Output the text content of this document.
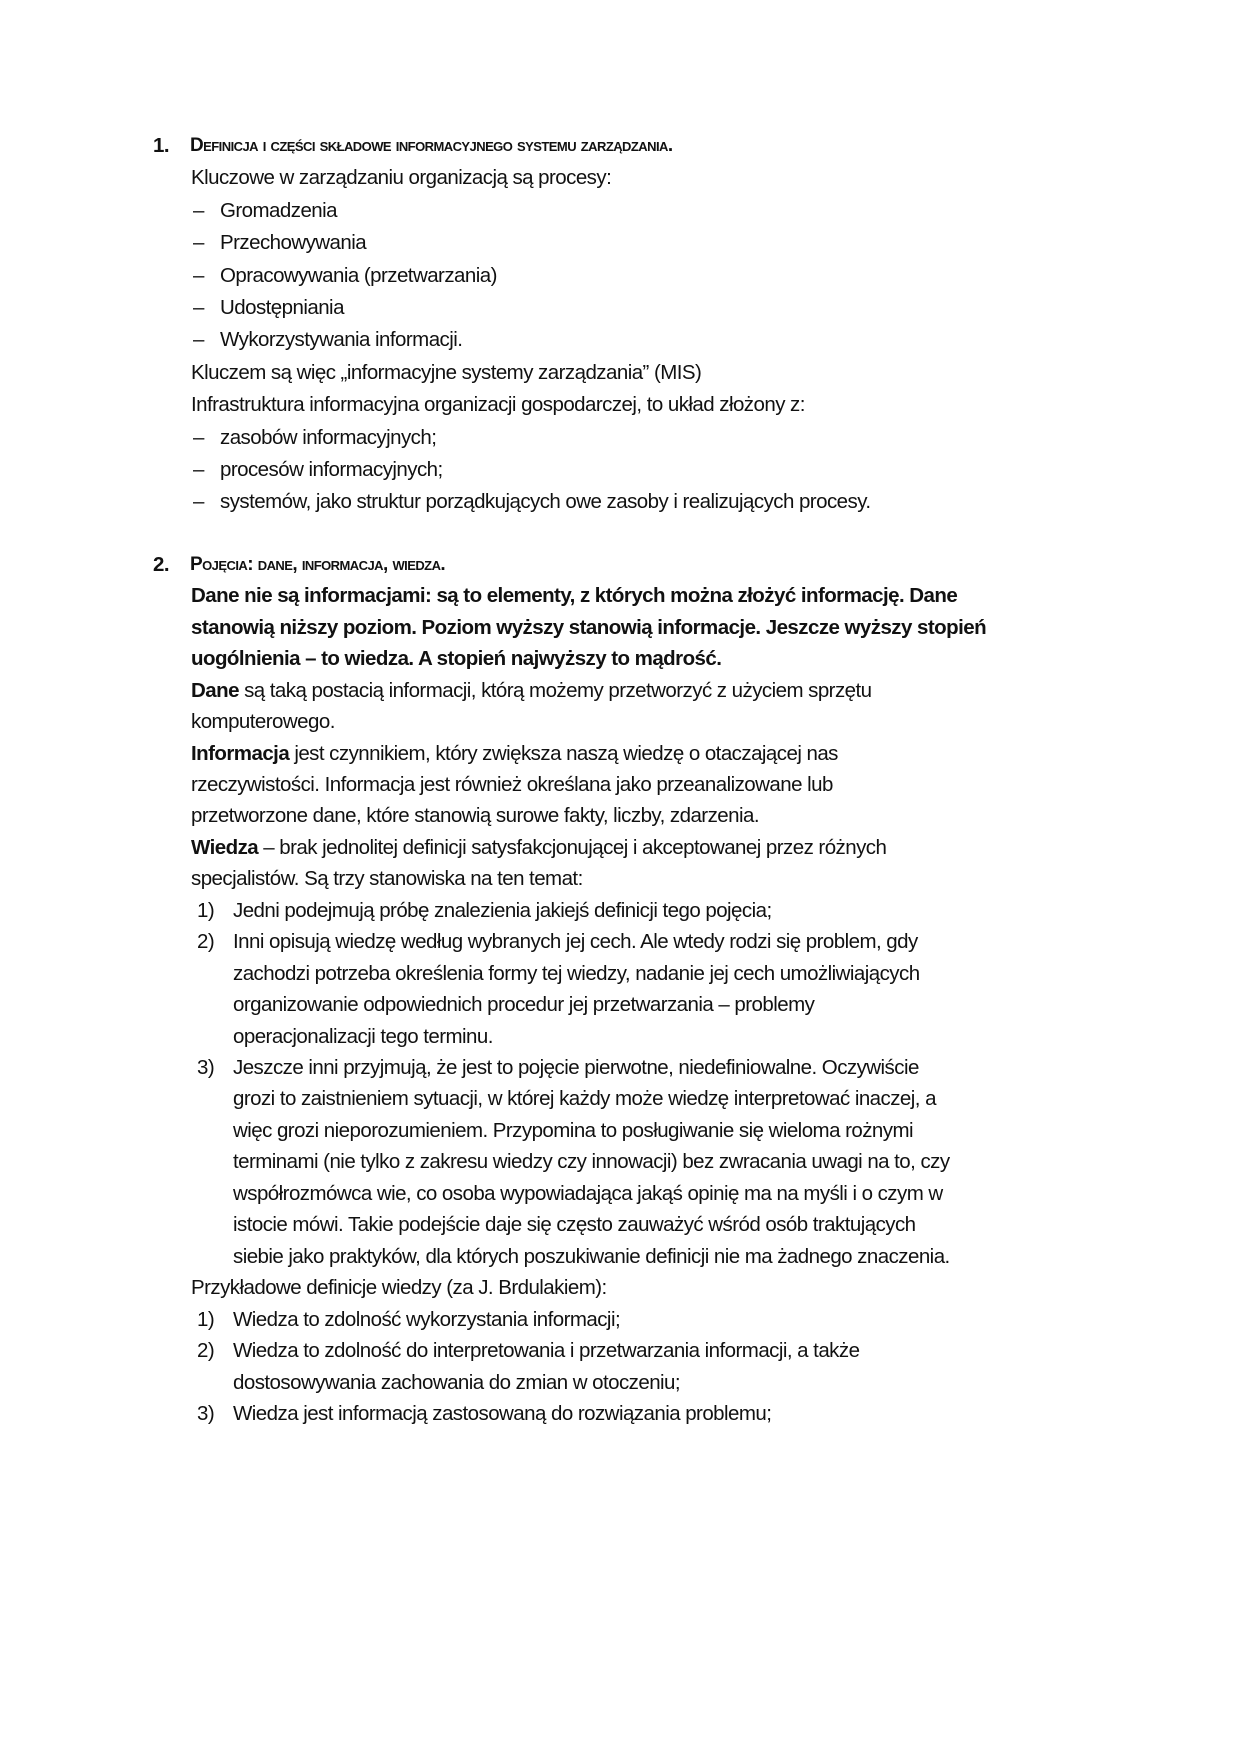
1. Definicja i części składowe informacyjnego systemu zarządzania.
Kluczowe w zarządzaniu organizacją są procesy:
– Gromadzenia
– Przechowywania
– Opracowywania (przetwarzania)
– Udostępniania
– Wykorzystywania informacji.
Kluczem są więc „informacyjne systemy zarządzania” (MIS)
Infrastruktura informacyjna organizacji gospodarczej, to układ złożony z:
– zasobów informacyjnych;
– procesów informacyjnych;
– systemów, jako struktur porządkujących owe zasoby i realizujących procesy.
2. Pojęcia: dane, informacja, wiedza.
Dane nie są informacjami: są to elementy, z których można złożyć informację. Dane
stanowią niższy poziom. Poziom wyższy stanowią informacje. Jeszcze wyższy stopień
uogólnienia – to wiedza. A stopień najwyższy to mądrość.
Dane są taką postacią informacji, którą możemy przetworzyć z użyciem sprzętu
komputerowego.
Informacja jest czynnikiem, który zwiększa naszą wiedzę o otaczającej nas
rzeczywistości. Informacja jest również określana jako przeanalizowane lub
przetworzone dane, które stanowią surowe fakty, liczby, zdarzenia.
Wiedza – brak jednolitej definicji satysfakcjonującej i akceptowanej przez różnych
specjalistów. Są trzy stanowiska na ten temat:
1) Jedni podejmują próbę znalezienia jakiejś definicji tego pojęcia;
2) Inni opisują wiedzę według wybranych jej cech. Ale wtedy rodzi się problem, gdy
zachodzi potrzeba określenia formy tej wiedzy, nadanie jej cech umożliwiających
organizowanie odpowiednich procedur jej przetwarzania – problemy
operacjonalizacji tego terminu.
3) Jeszcze inni przyjmują, że jest to pojęcie pierwotne, niedefiniowalne. Oczywiście
grozi to zaistnieniem sytuacji, w której każdy może wiedzę interpretować inaczej, a
więc grozi nieporozumieniem. Przypomina to posługiwanie się wieloma rożnymi
terminami (nie tylko z zakresu wiedzy czy innowacji) bez zwracania uwagi na to, czy
współrozmówca wie, co osoba wypowiadająca jakąś opinię ma na myśli i o czym w
istocie mówi. Takie podejście daje się często zauważyć wśród osób traktujących
siebie jako praktyków, dla których poszukiwanie definicji nie ma żadnego znaczenia.
Przykładowe definicje wiedzy (za J. Brdulakiem):
1) Wiedza to zdolność wykorzystania informacji;
2) Wiedza to zdolność do interpretowania i przetwarzania informacji, a także
dostosowywania zachowania do zmian w otoczeniu;
3) Wiedza jest informacją zastosowaną do rozwiązania problemu;
